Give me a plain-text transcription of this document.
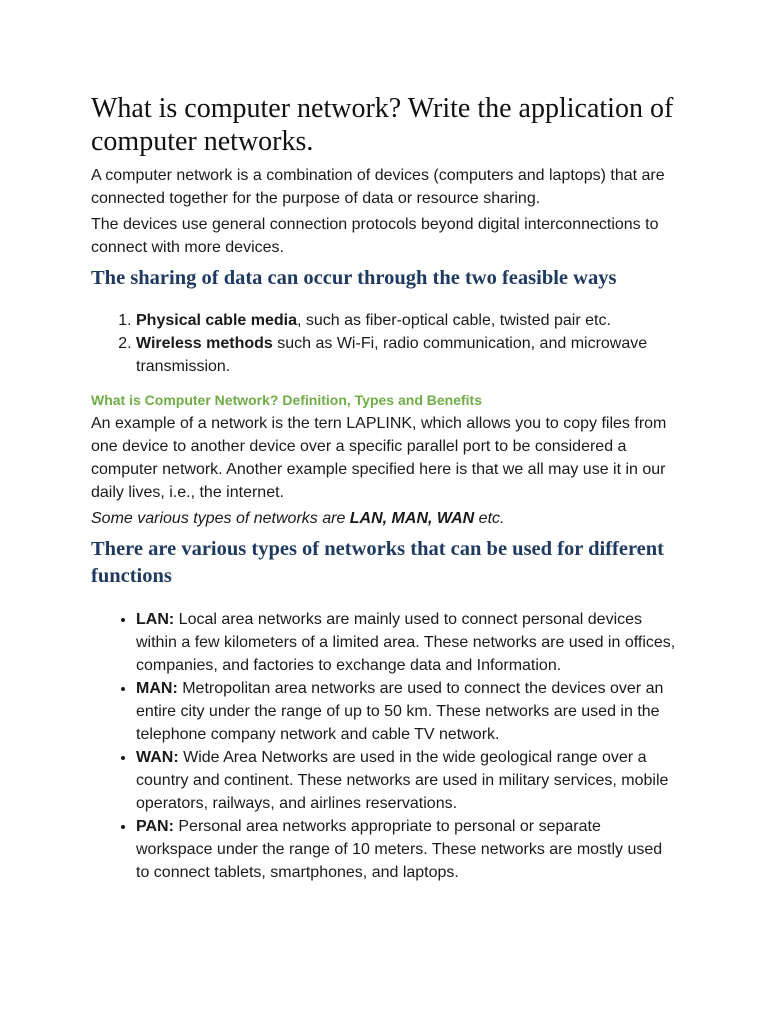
What is computer network? Write the application of computer networks.

A computer network is a combination of devices (computers and laptops) that are connected together for the purpose of data or resource sharing.

The devices use general connection protocols beyond digital interconnections to connect with more devices.

The sharing of data can occur through the two feasible ways
1. Physical cable media, such as fiber-optical cable, twisted pair etc.
2. Wireless methods such as Wi-Fi, radio communication, and microwave transmission.
What is Computer Network? Definition, Types and Benefits

An example of a network is the tern LAPLINK, which allows you to copy files from one device to another device over a specific parallel port to be considered a computer network. Another example specified here is that we all may use it in our daily lives, i.e., the internet.

Some various types of networks are LAN, MAN, WAN etc.

There are various types of networks that can be used for different functions
• LAN: Local area networks are mainly used to connect personal devices within a few kilometers of a limited area. These networks are used in offices, companies, and factories to exchange data and Information.
• MAN: Metropolitan area networks are used to connect the devices over an entire city under the range of up to 50 km. These networks are used in the telephone company network and cable TV network.
• WAN: Wide Area Networks are used in the wide geological range over a country and continent. These networks are used in military services, mobile operators, railways, and airlines reservations.
• PAN: Personal area networks appropriate to personal or separate workspace under the range of 10 meters. These networks are mostly used to connect tablets, smartphones, and laptops.
